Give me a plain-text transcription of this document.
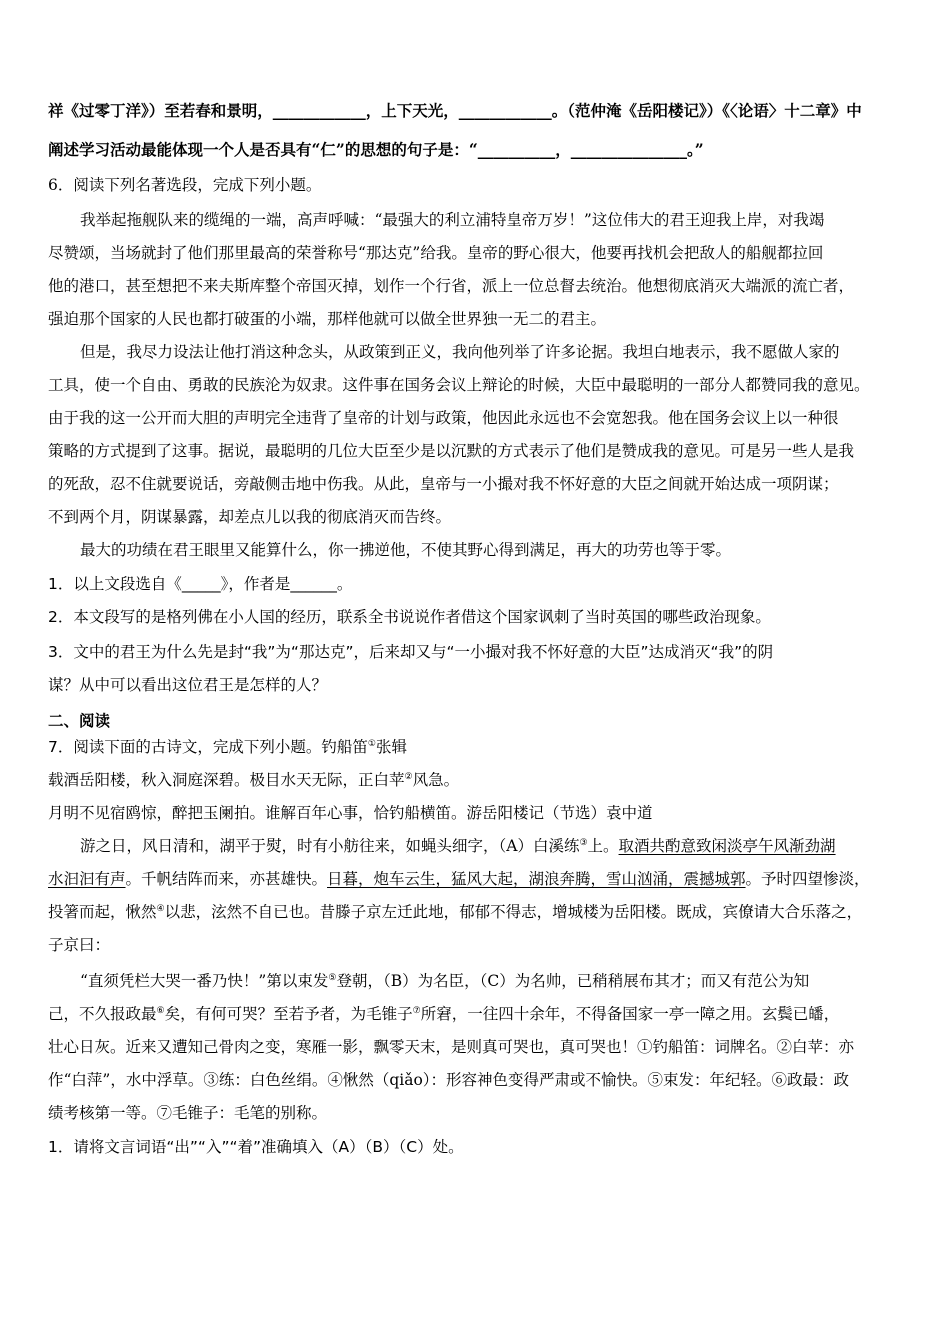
祥《过零丁洋》）至若春和景明，____________，上下天光，____________。（范仲淹《岳阳楼记》）《〈论语〉十二章》中
阐述学习活动最能体现一个人是否具有“仁”的思想的句子是：“__________，_______________。”
6．阅读下列名著选段，完成下列小题。
我举起拖舰队来的缆绳的一端，高声呼喊：“最强大的利立浦特皇帝万岁！”这位伟大的君王迎我上岸，对我竭
尽赞颂，当场就封了他们那里最高的荣誉称号“那达克”给我。皇帝的野心很大，他要再找机会把敌人的船舰都拉回
他的港口，甚至想把不来夫斯库整个帝国灭掉，划作一个行省，派上一位总督去统治。他想彻底消灭大端派的流亡者，
强迫那个国家的人民也都打破蛋的小端，那样他就可以做全世界独一无二的君主。
但是，我尽力设法让他打消这种念头，从政策到正义，我向他列举了许多论据。我坦白地表示，我不愿做人家的
工具，使一个自由、勇敢的民族沦为奴隶。这件事在国务会议上辩论的时候，大臣中最聪明的一部分人都赞同我的意见。
由于我的这一公开而大胆的声明完全违背了皇帝的计划与政策，他因此永远也不会宽恕我。他在国务会议上以一种很
策略的方式提到了这事。据说，最聪明的几位大臣至少是以沉默的方式表示了他们是赞成我的意见。可是另一些人是我
的死敌，忍不住就要说话，旁敲侧击地中伤我。从此，皇帝与一小撮对我不怀好意的大臣之间就开始达成一项阴谋；
不到两个月，阴谋暴露，却差点儿以我的彻底消灭而告终。
最大的功绩在君王眼里又能算什么，你一拂逆他，不使其野心得到满足，再大的功劳也等于零。
1．以上文段选自《_____》，作者是______。
2．本文段写的是格列佛在小人国的经历，联系全书说说作者借这个国家讽刺了当时英国的哪些政治现象。
3．文中的君王为什么先是封“我”为“那达克”，后来却又与“一小撮对我不怀好意的大臣”达成消灭“我”的阴
谋？从中可以看出这位君王是怎样的人？
二、阅读
7．阅读下面的古诗文，完成下列小题。钓船笛①张辑
载酒岳阳楼，秋入洞庭深碧。极目水天无际，正白苹②风急。
月明不见宿鸥惊，醉把玉阑拍。谁解百年心事，恰钓船横笛。游岳阳楼记（节选）袁中道
游之日，风日清和，湖平于熨，时有小舫往来，如蝇头细字，（A）白溪练③上。取酒共酌意致闲淡亭午风渐劲湖
水汩汩有声。千帆结阵而来，亦甚雄快。日暮，炮车云生，猛风大起，湖浪奔腾，雪山汹涌，震撼城郭。予时四望惨淡，
投箸而起，愀然④以悲，泫然不自已也。昔滕子京左迁此地，郁郁不得志，增城楼为岳阳楼。既成，宾僚请大合乐落之，
子京曰：
“直须凭栏大哭一番乃快！”第以束发⑤登朝，（B）为名臣，（C）为名帅，已稍稍展布其才；而又有范公为知
己，不久报政最⑥矣，有何可哭？至若予者，为毛锥子⑦所窘，一往四十余年，不得备国家一亭一障之用。玄鬓已皤，
壮心日灰。近来又遭知己骨肉之变，寒雁一影，飘零天末，是则真可哭也，真可哭也！①钓船笛：词牌名。②白苹：亦
作“白萍”，水中浮草。③练：白色丝绢。④愀然（qiǎo）：形容神色变得严肃或不愉快。⑤束发：年纪轻。⑥政最：政
绩考核第一等。⑦毛锥子：毛笔的别称。
1．请将文言词语“出”“入”“着”准确填入（A）（B）（C）处。
